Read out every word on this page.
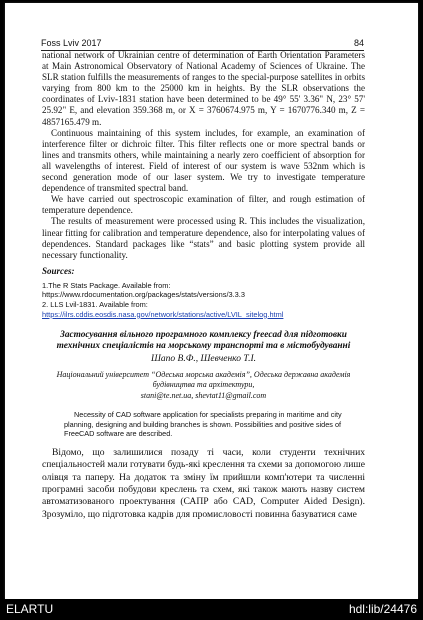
Foss Lviv 2017	84

national network of Ukrainian centre of determination of Earth Orientation Parameters at Main Astronomical Observatory of National Academy of Sciences of Ukraine. The SLR station fulfills the measurements of ranges to the special-purpose satellites in orbits varying from 800 km to the 25000 km in heights. By the SLR observations the coordinates of Lviv-1831 station have been determined to be 49° 55' 3.36" N, 23° 57' 25.92" E, and elevation 359.368 m, or X = 3760674.975 m, Y = 1670776.340 m, Z = 4857165.479 m.

Continuous maintaining of this system includes, for example, an examination of interference filter or dichroic filter. This filter reflects one or more spectral bands or lines and transmits others, while maintaining a nearly zero coefficient of absorption for all wavelengths of interest. Field of interest of our system is wave 532nm which is second generation mode of our laser system. We try to investigate temperature dependence of transmited spectral band.

We have carried out spectroscopic examination of filter, and rough estimation of temperature dependence.

The results of measurement were processed using R. This includes the visualization, linear fitting for calibration and temperature dependence, also for interpolating values of dependences. Standard packages like “stats” and basic plotting system provide all necessary functionality.

Sources:

1.The R Stats Package. Available from:

https://www.rdocumentation.org/packages/stats/versions/3.3.3

2. LLS Lvil-1831. Available from:

https://ilrs.cddis.eosdis.nasa.gov/network/stations/active/LVIL_sitelog.html

Застосування вільного програмного комплексу freecad для підготовки технічних спеціалістів на морському транспорті та в містобудуванні

Шапо В.Ф., Шевченко Т.І.

Національний університет “Одеська морська академія”, Одеська державна академія

будівництва та архітектури,

stani@te.net.ua, shevtat11@gmail.com

Necessity of CAD software application for specialists preparing in maritime and city planning, designing and building branches is shown. Possibilities and positive sides of FreeCAD software are described.

Відомо, що залишилися позаду ті часи, коли студенти технічних спеціальностей мали готувати будь-які креслення та схеми за допомогою лише олівця та паперу. На додаток та зміну їм прийшли комп'ютери та численні програмні засоби побудови креслень та схем, які також мають назву систем автоматизованого проектування (САПР або CAD, Computer Aided Design). Зрозуміло, що підготовка кадрів для промисловості повинна базуватися саме

ELARTU	hdl:lib/24476
